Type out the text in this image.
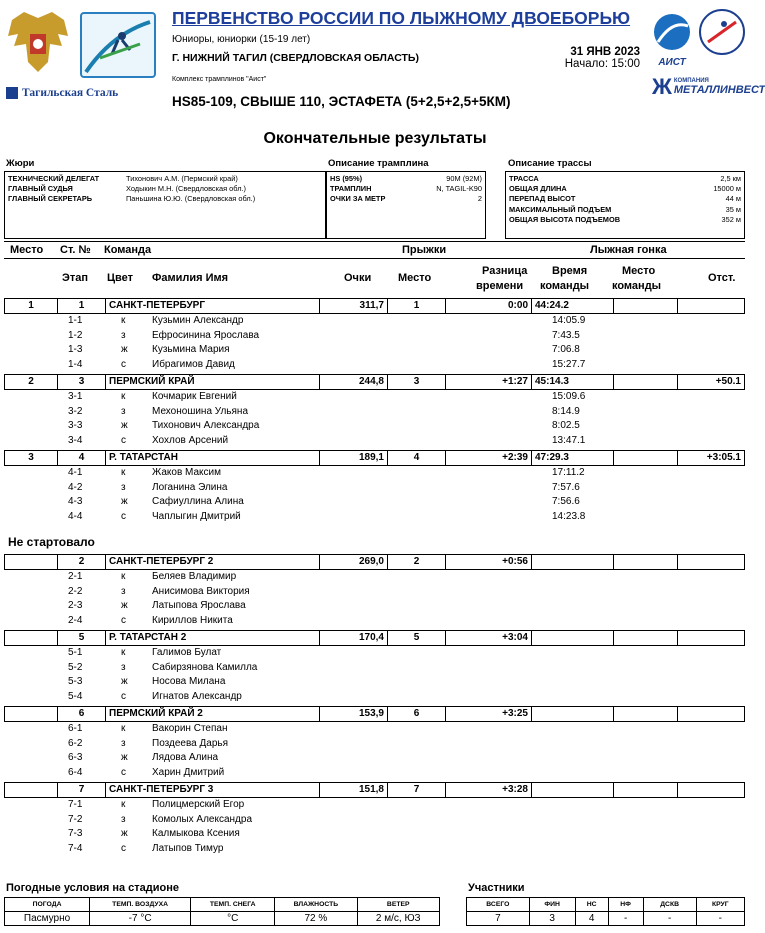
Тагильская Сталь
ПЕРВЕНСТВО РОССИИ ПО ЛЫЖНОМУ ДВОЕБОРЬЮ
Юниоры, юниорки (15-19 лет)
Г. НИЖНИЙ ТАГИЛ (СВЕРДЛОВСКАЯ ОБЛАСТЬ)
Комплекс трамплинов "Аист"
31 ЯНВ 2023
Начало: 15:00
HS85-109, СВЫШЕ 110, ЭСТАФЕТА (5+2,5+2,5+5КМ)
АИСТ
Ж КОМПАНИЯ
МЕТАЛЛИНВЕСТ
Окончательные результаты
Жюри	Описание трамплина	Описание трассы
ТЕХНИЧЕСКИЙ ДЕЛЕГАТ	Тихонович А.М. (Пермский край)
ГЛАВНЫЙ СУДЬЯ	Ходыкин М.Н. (Свердловская обл.)
ГЛАВНЫЙ СЕКРЕТАРЬ	Паньшина Ю.Ю. (Свердловская обл.)
HS (95%)	90M (92M)
ТРАМПЛИН	N, TAGIL-K90
ОЧКИ ЗА МЕТР	2
ТРАССА	2,5 км
ОБЩАЯ ДЛИНА	15000 м
ПЕРЕПАД ВЫСОТ	44 м
МАКСИМАЛЬНЫЙ ПОДЪЕМ	35 м
ОБЩАЯ ВЫСОТА ПОДЪЕМОВ	352 м
Место Ст. № Команда	Прыжки	Лыжная гонка
Этап Цвет Фамилия Имя	Очки Место
Разница
времени
Время
команды
Место
команды
Отст.
1	1	САНКТ-ПЕТЕРБУРГ	311,7	1	0:00 44:24.2
1-1	к	Кузьмин Александр	14:05.9
1-2	з	Ефросинина Ярослава	7:43.5
1-3	ж Кузьмина Мария	7:06.8
1-4	с	Ибрагимов Давид	15:27.7
2	3	ПЕРМСКИЙ КРАЙ	244,8	3	+1:27 45:14.3	+50.1
3-1	к	Кочмарик Евгений	15:09.6
3-2	з	Мехоношина Ульяна	8:14.9
3-3	ж Тихонович Александра	8:02.5
3-4	с	Хохлов Арсений	13:47.1
3	4	Р. ТАТАРСТАН	189,1	4	+2:39 47:29.3	+3:05.1
4-1	к	Жаков Максим	17:11.2
4-2	з	Логанина Элина	7:57.6
4-3	ж Сафиуллина Алина	7:56.6
4-4	с	Чаплыгин Дмитрий	14:23.8
Не стартовало
2	САНКТ-ПЕТЕРБУРГ 2	269,0	2	+0:56
2-1	к	Беляев Владимир
2-2	з	Анисимова Виктория
2-3	ж Латыпова Ярослава
2-4	с	Кириллов Никита
5	Р. ТАТАРСТАН 2	170,4	5	+3:04
5-1	к	Галимов Булат
5-2	з	Сабирзянова Камилла
5-3	ж Носова Милана
5-4	с	Игнатов Александр
6	ПЕРМСКИЙ КРАЙ 2	153,9	6	+3:25
6-1	к	Вакорин Степан
6-2	з	Поздеева Дарья
6-3	ж Лядова Алина
6-4	с	Харин Дмитрий
7	САНКТ-ПЕТЕРБУРГ 3	151,8	7	+3:28
7-1	к	Полицмерский Егор
7-2	з	Комолых Александра
7-3	ж Калмыкова Ксения
7-4	с	Латыпов Тимур
Погодные условия на стадионе
ПОГОДА	ТЕМП. ВОЗДУХА	ТЕМП. СНЕГА	ВЛАЖНОСТЬ	ВЕТЕР
Пасмурно	-7 °C	°C	72 %	2 м/с, ЮЗ
Участники
ВСЕГО	ФИН	НС	НФ	ДСКВ	КРУГ
7	3	4	-	-	-
